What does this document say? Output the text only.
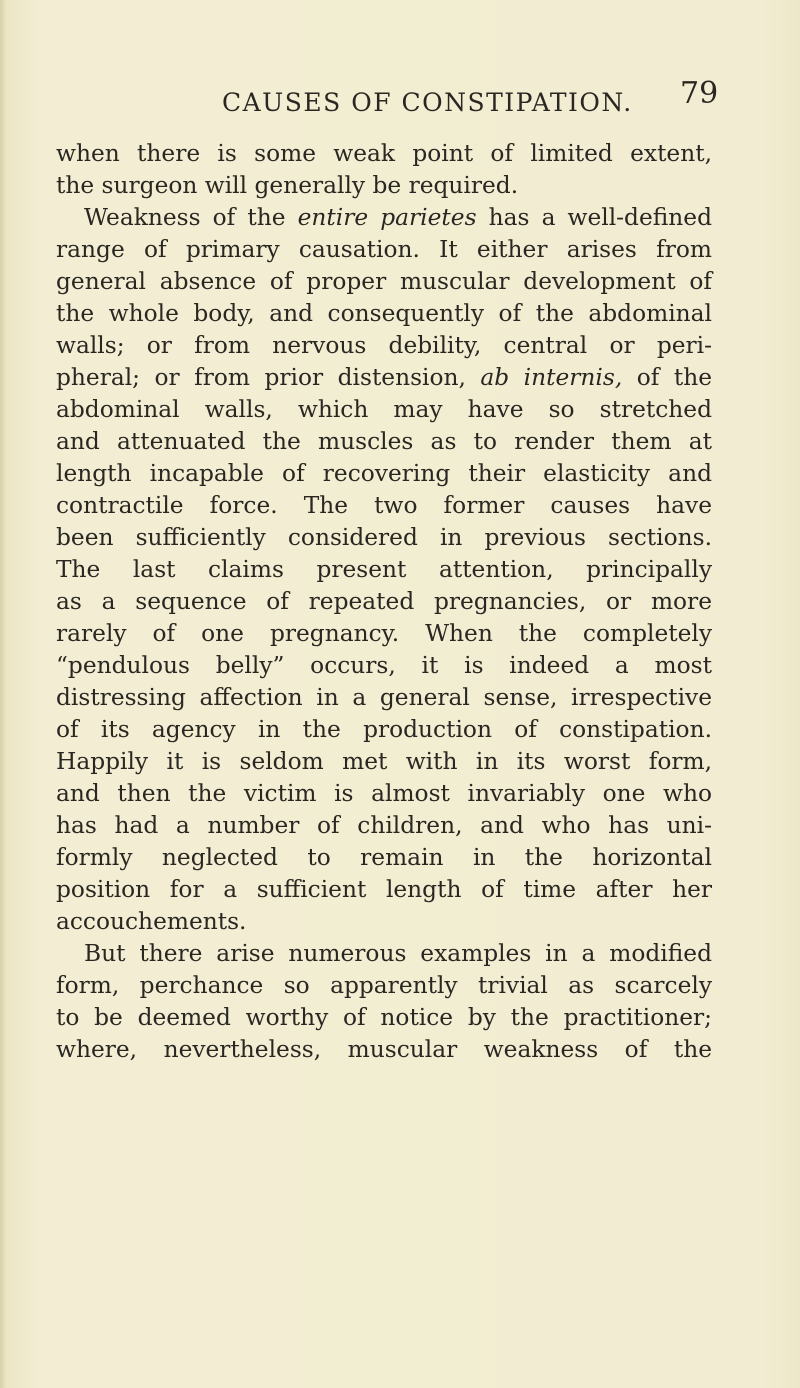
CAUSES OF CONSTIPATION. 79
when there is some weak point of limited extent,
the surgeon will generally be required.
Weakness of the entire parietes has a well-defined
range of primary causation. It either arises from
general absence of proper muscular development of
the whole body, and consequently of the abdominal
walls; or from nervous debility, central or peri-
pheral; or from prior distension, ab internis, of the
abdominal walls, which may have so stretched
and attenuated the muscles as to render them at
length incapable of recovering their elasticity and
contractile force. The two former causes have
been sufficiently considered in previous sections.
The last claims present attention, principally
as a sequence of repeated pregnancies, or more
rarely of one pregnancy. When the completely
“pendulous belly” occurs, it is indeed a most
distressing affection in a general sense, irrespective
of its agency in the production of constipation.
Happily it is seldom met with in its worst form,
and then the victim is almost invariably one who
has had a number of children, and who has uni-
formly neglected to remain in the horizontal
position for a sufficient length of time after her
accouchements.
But there arise numerous examples in a modified
form, perchance so apparently trivial as scarcely
to be deemed worthy of notice by the practitioner;
where, nevertheless, muscular weakness of the
